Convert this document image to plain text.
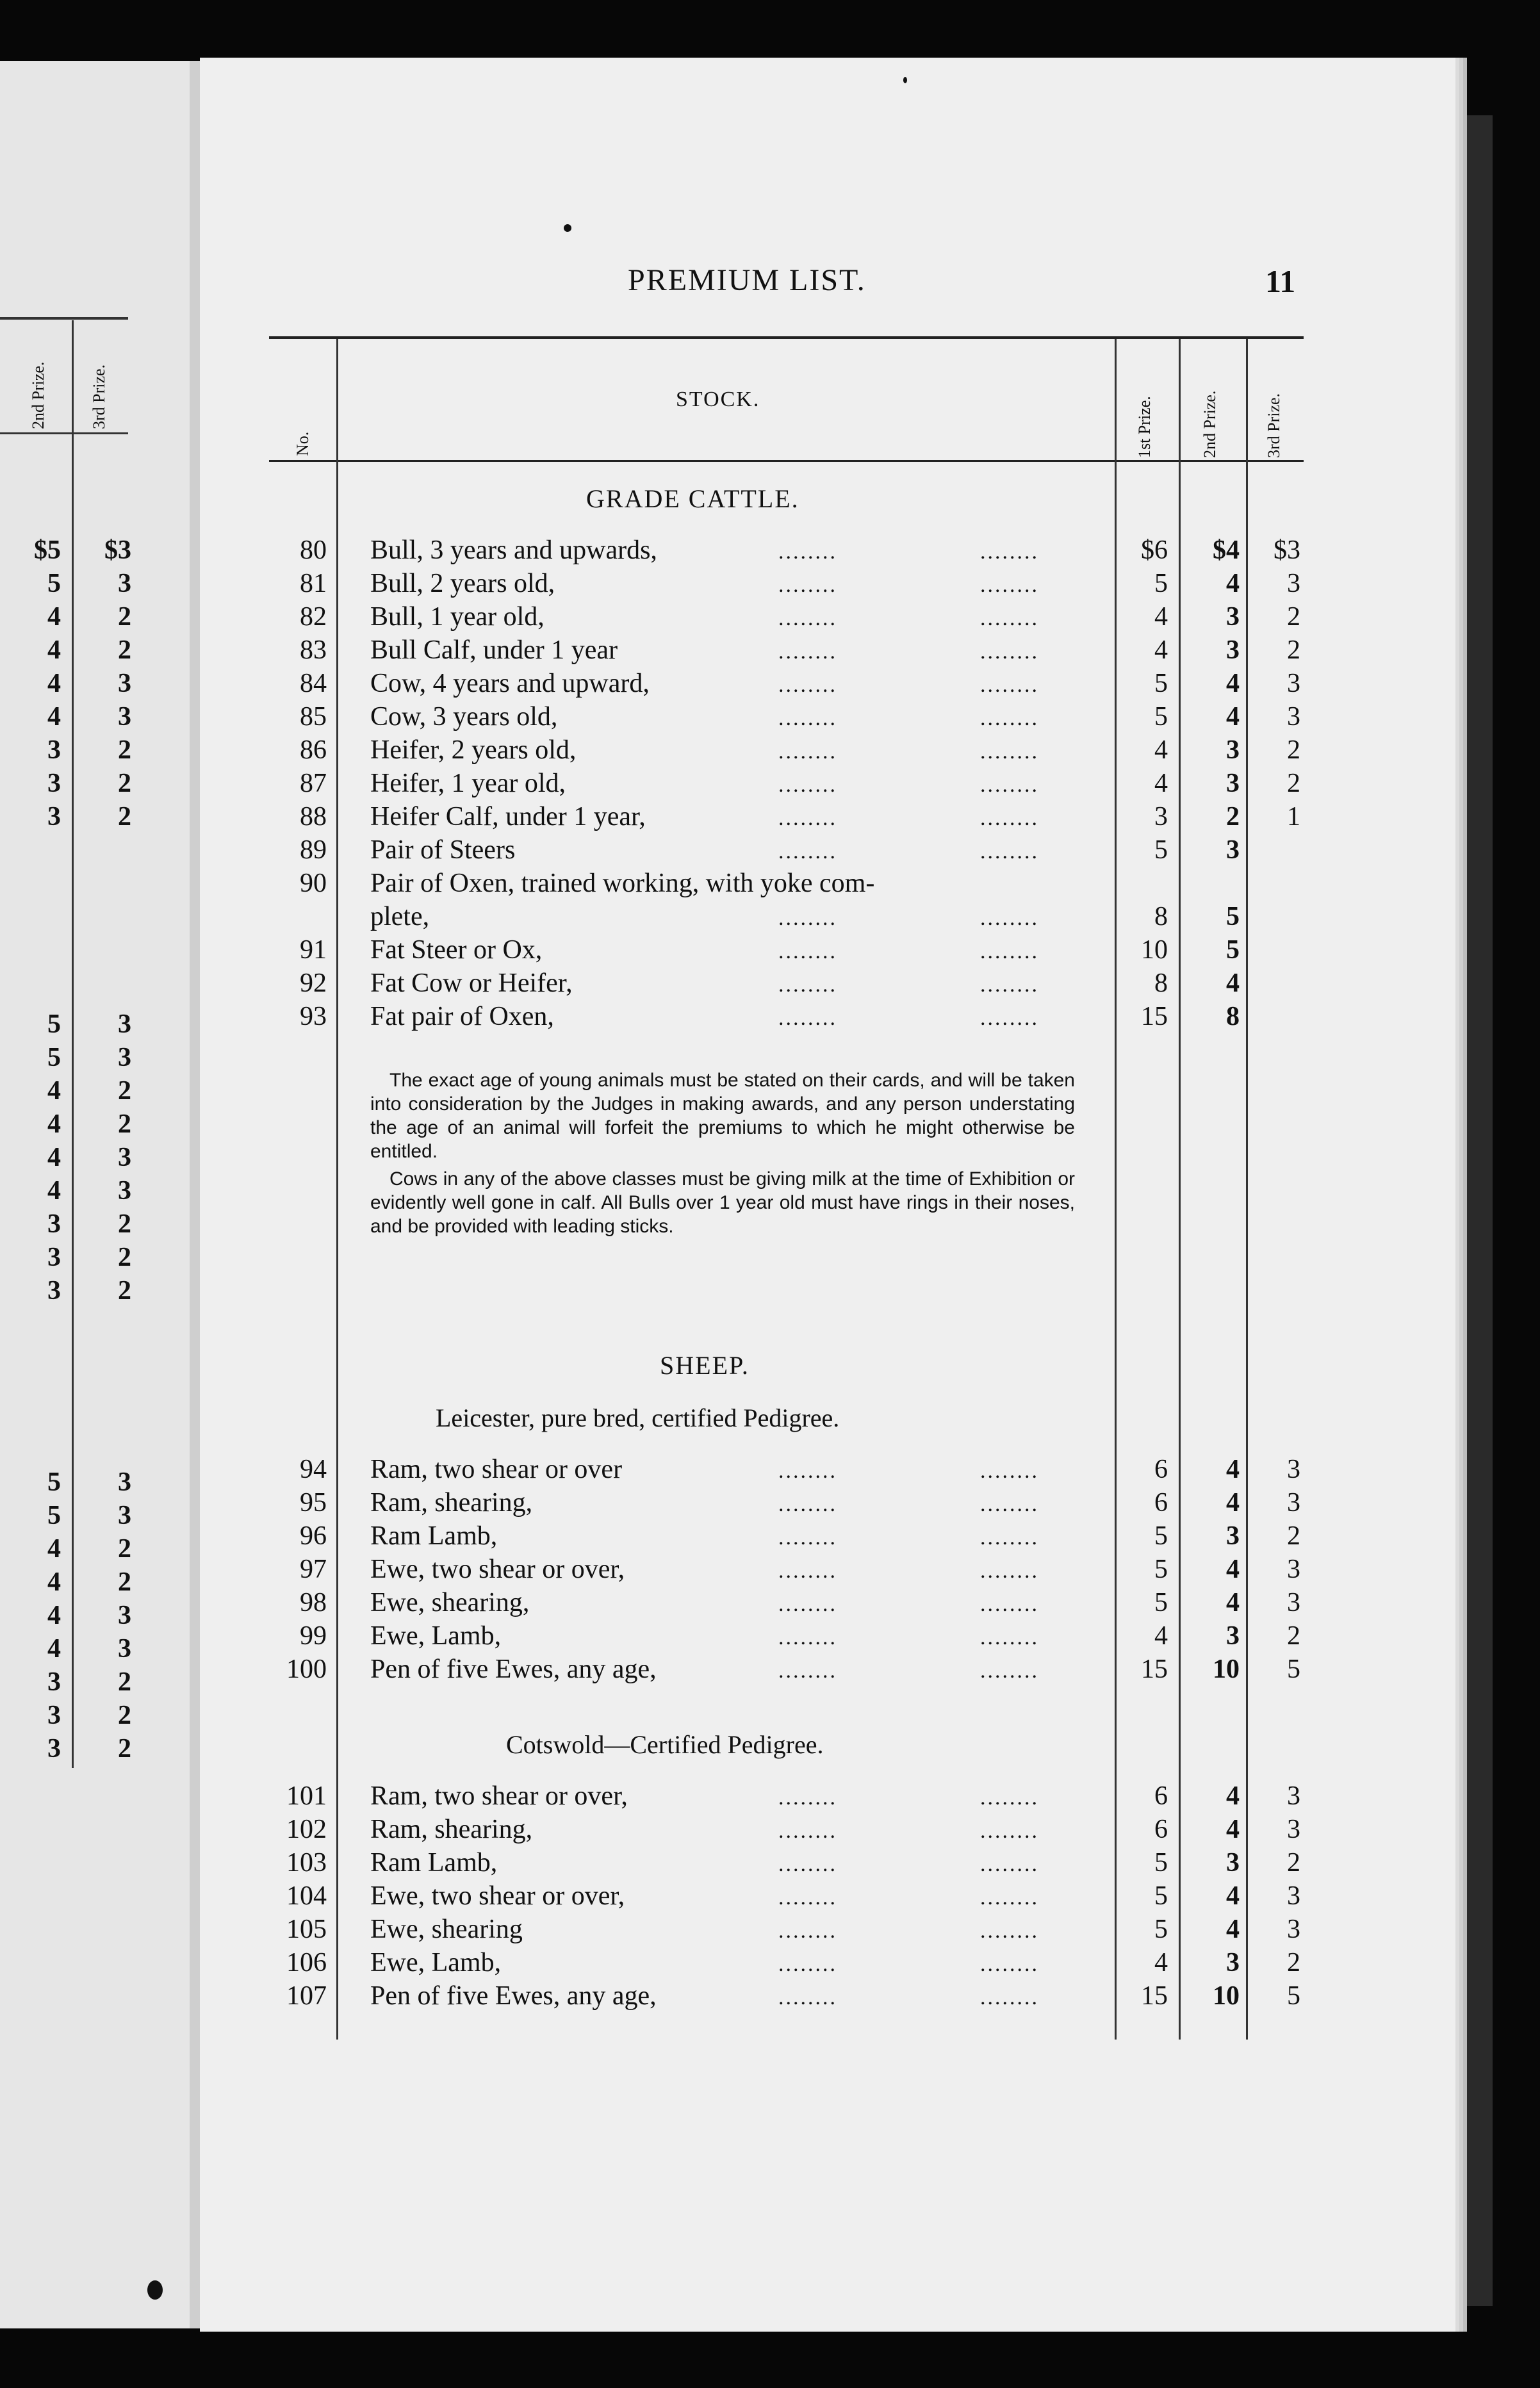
PREMIUM LIST.	11
No.
STOCK.	1st Prize.	2nd Prize.	3rd Prize.
2nd Prize.	3rd Prize.
GRADE CATTLE.
80 Bull, 3 years and upwards,	........	........	$6	$4	$3
81 Bull, 2 years old,	........	........	5	4	3
82 Bull, 1 year old,	........	........	4	3	2
83 Bull Calf, under 1 year	........	........	4	3	2
84 Cow, 4 years and upward,	........	........	5	4	3
85 Cow, 3 years old,	........	........	5	4	3
86 Heifer, 2 years old,	........	........	4	3	2
87 Heifer, 1 year old,	........	........	4	3	2
88 Heifer Calf, under 1 year,	........	........	3	2	1
89 Pair of Steers	........	........	5	3
90 Pair of Oxen, trained working, with yoke com-
plete,	........	........	8	5
91 Fat Steer or Ox,	........	........	10	5
92 Fat Cow or Heifer,	........	........	8	4
93 Fat pair of Oxen,	........	........	15	8

The exact age of young animals must be stated on their cards, and will be taken into consideration by the Judges in making awards, and any person understating the age of an animal will forfeit the premiums to which he might otherwise be entitled.

Cows in any of the above classes must be giving milk at the time of Exhibition or evidently well gone in calf. All Bulls over 1 year old must have rings in their noses, and be provided with leading sticks.

SHEEP.
Leicester, pure bred, certified Pedigree.
94 Ram, two shear or over	........	........	6	4	3
95 Ram, shearing,	........	........	6	4	3
96 Ram Lamb,	........	........	5	3	2
97 Ewe, two shear or over,	........	........	5	4	3
98 Ewe, shearing,	........	........	5	4	3
99 Ewe, Lamb,	........	........	4	3	2
100 Pen of five Ewes, any age,	........	........	15	10	5
Cotswold—Certified Pedigree.
101 Ram, two shear or over,	........	........	6	4	3
102 Ram, shearing,	........	........	6	4	3
103 Ram Lamb,	........	........	5	3	2
104 Ewe, two shear or over,	........	........	5	4	3
105 Ewe, shearing	........	........	5	4	3
106 Ewe, Lamb,	........	........	4	3	2
107 Pen of five Ewes, any age,	........	........	15	10	5
$5	$3
5	3
4	2
4	2
4	3
4	3
3	2
3	2
3	2
5	3
5	3
4	2
4	2
4	3
4	3
3	2
3	2
3	2
5	3
5	3
4	2
4	2
4	3
4	3
3	2
3	2
3	2
